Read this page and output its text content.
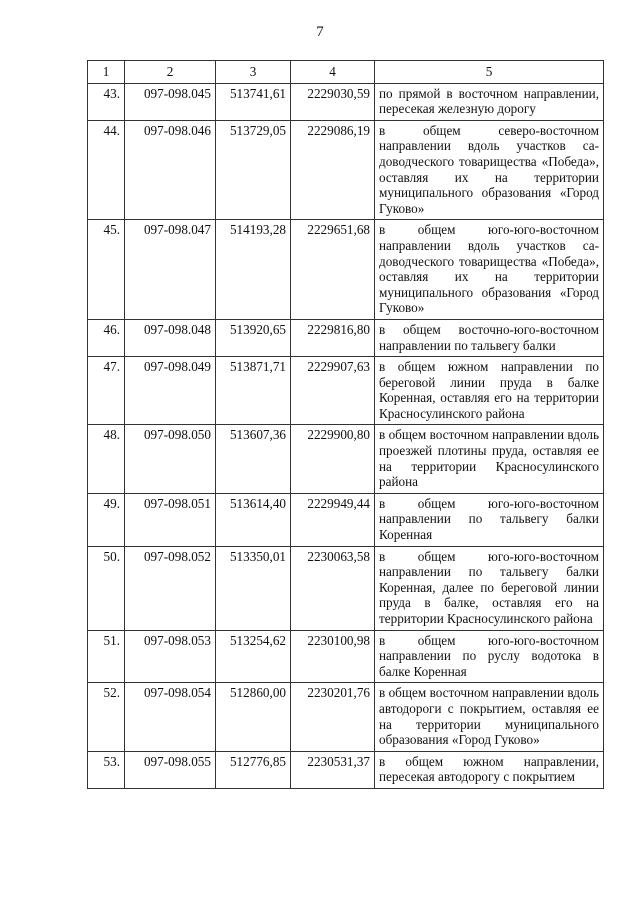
7
1	2	3	4	5
43.	097-098.045	513741,61	2229030,59	по прямой в восточном направлении, пересекая железную дорогу
44.	097-098.046	513729,05	2229086,19	в общем северо-восточном направлении вдоль участков садоводческого товарищества «Победа», оставляя их на территории муниципального образования «Город Гуково»
45.	097-098.047	514193,28	2229651,68	в общем юго-юго-восточном направлении вдоль участков садоводческого товарищества «Победа», оставляя их на территории муниципального образования «Город Гуково»
46.	097-098.048	513920,65	2229816,80	в общем восточно-юго-восточном направлении по тальвегу балки
47.	097-098.049	513871,71	2229907,63	в общем южном направлении по береговой линии пруда в балке Коренная, оставляя его на территории Красносулинского района
48.	097-098.050	513607,36	2229900,80	в общем восточном направлении вдоль проезжей плотины пруда, оставляя ее на территории Красносулинского района
49.	097-098.051	513614,40	2229949,44	в общем юго-юго-восточном направлении по тальвегу балки Коренная
50.	097-098.052	513350,01	2230063,58	в общем юго-юго-восточном направлении по тальвегу балки Коренная, далее по береговой линии пруда в балке, оставляя его на территории Красносулинского района
51.	097-098.053	513254,62	2230100,98	в общем юго-юго-восточном направлении по руслу водотока в балке Коренная
52.	097-098.054	512860,00	2230201,76	в общем восточном направлении вдоль автодороги с покрытием, оставляя ее на территории муниципального образования «Город Гуково»
53.	097-098.055	512776,85	2230531,37	в общем южном направлении, пересекая автодорогу с покрытием
